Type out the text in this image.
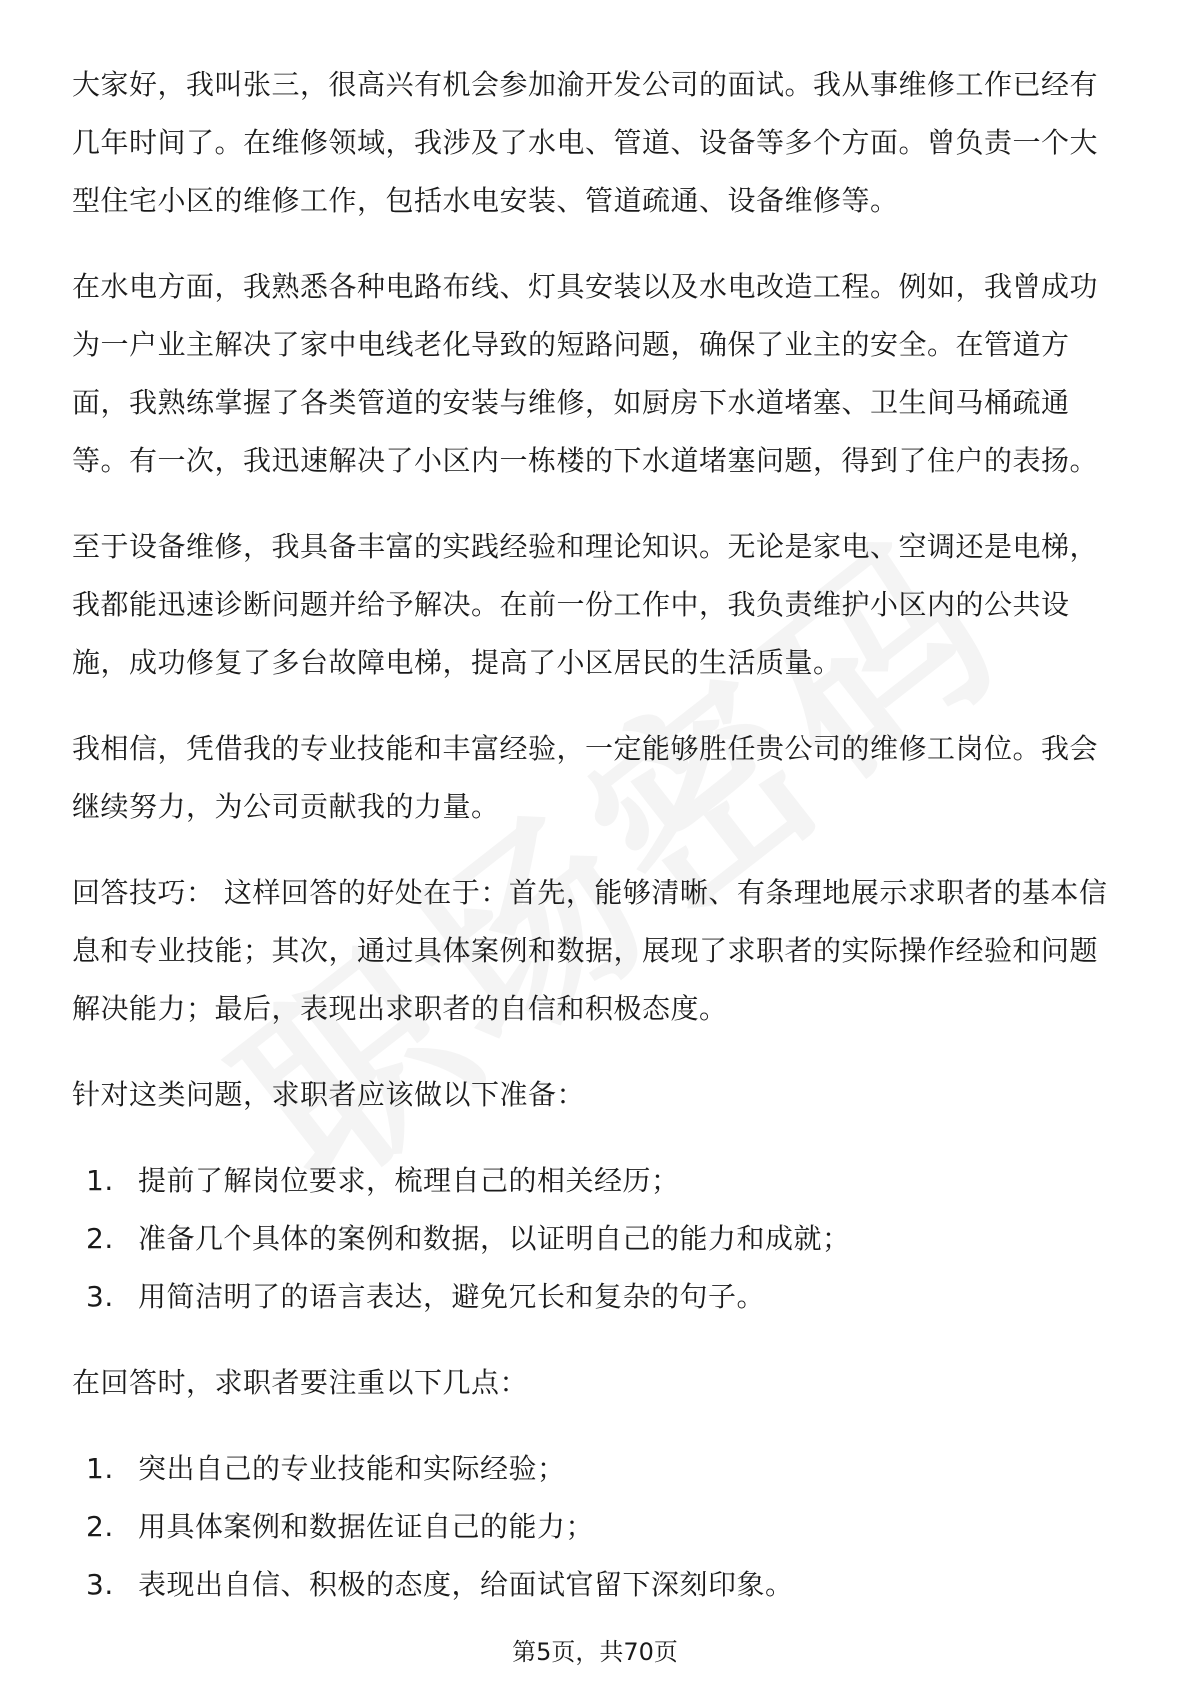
大家好，我叫张三，很高兴有机会参加渝开发公司的面试。我从事维修工作已经有几年时间了。在维修领域，我涉及了水电、管道、设备等多个方面。曾负责一个大型住宅小区的维修工作，包括水电安装、管道疏通、设备维修等。

在水电方面，我熟悉各种电路布线、灯具安装以及水电改造工程。例如，我曾成功为一户业主解决了家中电线老化导致的短路问题，确保了业主的安全。在管道方面，我熟练掌握了各类管道的安装与维修，如厨房下水道堵塞、卫生间马桶疏通等。有一次，我迅速解决了小区内一栋楼的下水道堵塞问题，得到了住户的表扬。

至于设备维修，我具备丰富的实践经验和理论知识。无论是家电、空调还是电梯，我都能迅速诊断问题并给予解决。在前一份工作中，我负责维护小区内的公共设施，成功修复了多台故障电梯，提高了小区居民的生活质量。

我相信，凭借我的专业技能和丰富经验，一定能够胜任贵公司的维修工岗位。我会继续努力，为公司贡献我的力量。

回答技巧： 这样回答的好处在于：首先，能够清晰、有条理地展示求职者的基本信息和专业技能；其次，通过具体案例和数据，展现了求职者的实际操作经验和问题解决能力；最后，表现出求职者的自信和积极态度。

针对这类问题，求职者应该做以下准备：

1. 提前了解岗位要求，梳理自己的相关经历；
2. 准备几个具体的案例和数据，以证明自己的能力和成就；
3. 用简洁明了的语言表达，避免冗长和复杂的句子。

在回答时，求职者要注重以下几点：

1. 突出自己的专业技能和实际经验；
2. 用具体案例和数据佐证自己的能力；
3. 表现出自信、积极的态度，给面试官留下深刻印象。
第5页，共70页
